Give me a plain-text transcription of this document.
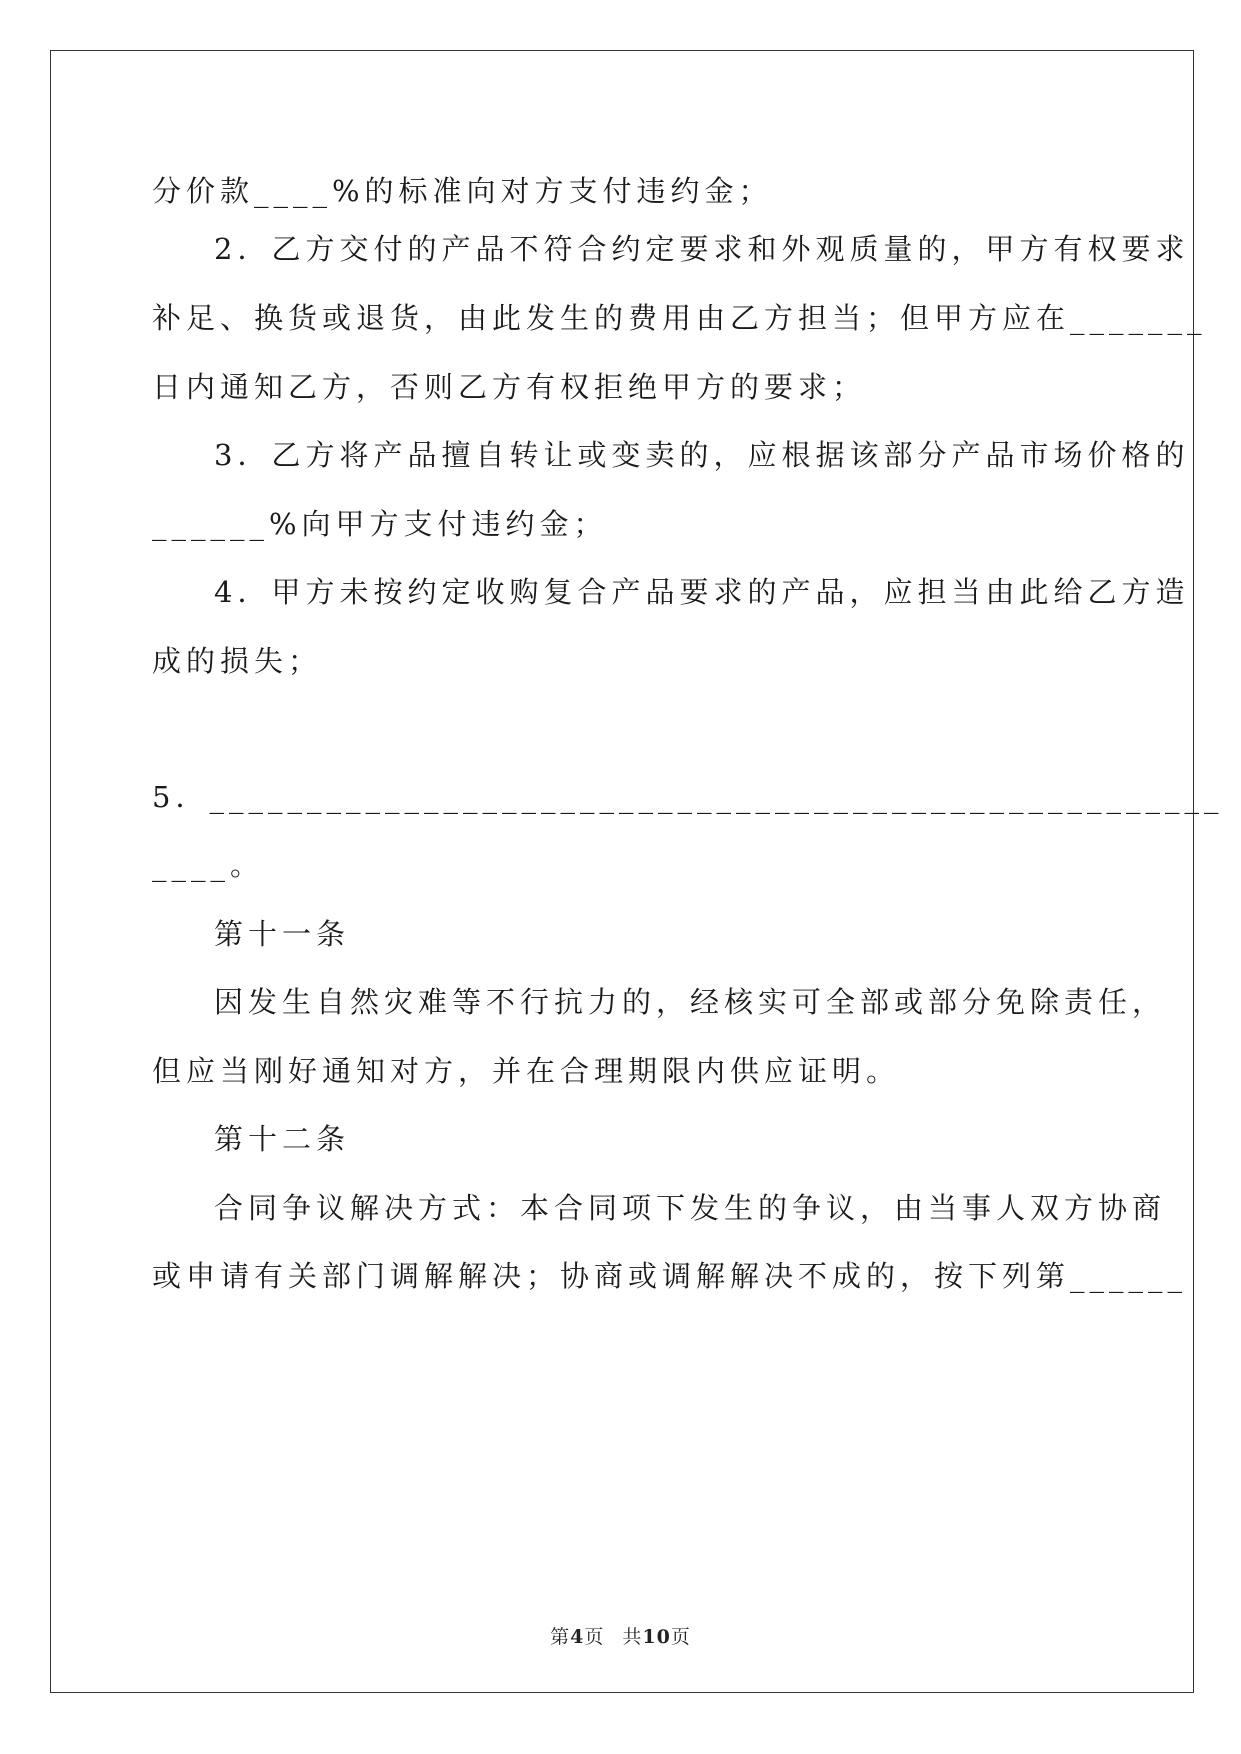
分价款____%的标准向对方支付违约金；
2．乙方交付的产品不符合约定要求和外观质量的，甲方有权要求
补足、换货或退货，由此发生的费用由乙方担当；但甲方应在_______
日内通知乙方，否则乙方有权拒绝甲方的要求；
3．乙方将产品擅自转让或变卖的，应根据该部分产品市场价格的
______%向甲方支付违约金；
4．甲方未按约定收购复合产品要求的产品，应担当由此给乙方造
成的损失；
5．____________________________________________________
____。
第十一条
因发生自然灾难等不行抗力的，经核实可全部或部分免除责任，
但应当刚好通知对方，并在合理期限内供应证明。
第十二条
合同争议解决方式：本合同项下发生的争议，由当事人双方协商
或申请有关部门调解解决；协商或调解解决不成的，按下列第______
第4页 共10页
